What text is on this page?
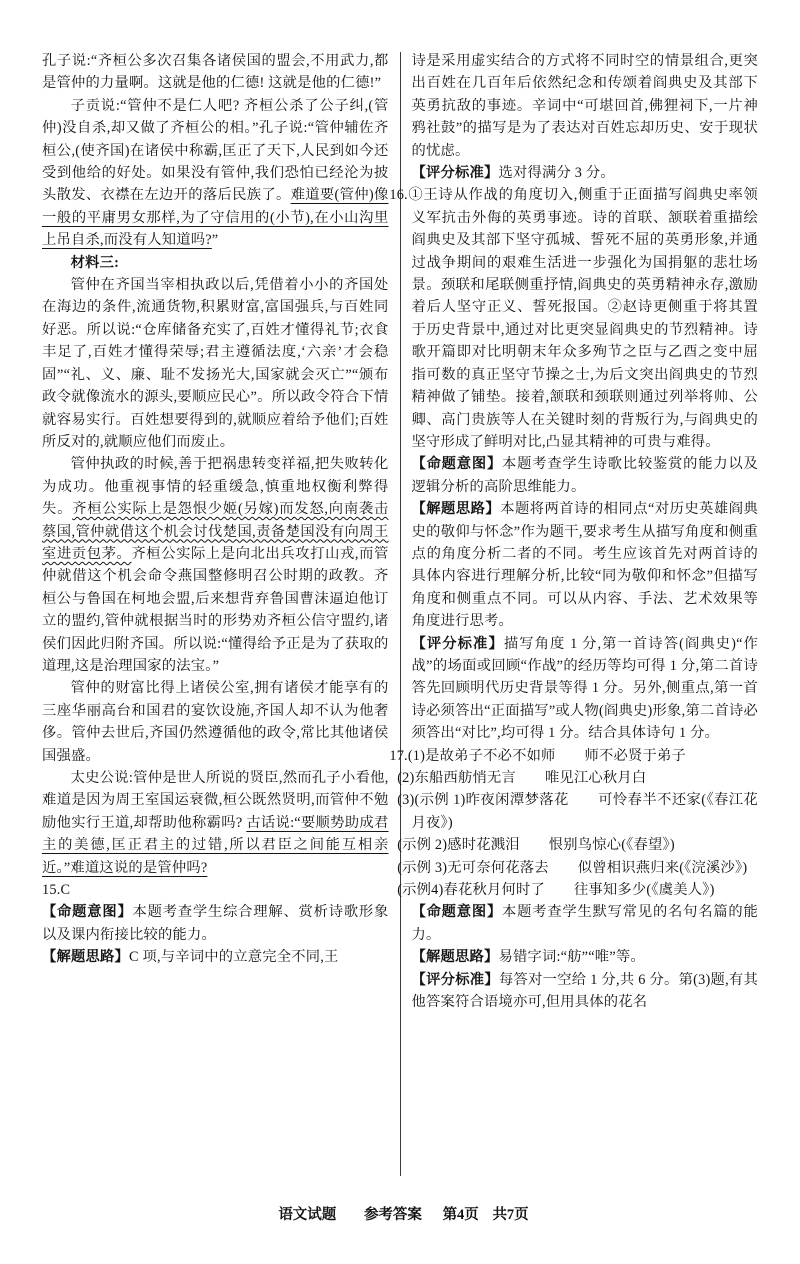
孔子说:“齐桓公多次召集各诸侯国的盟会,不用武力,都是管仲的力量啊。这就是他的仁德! 这就是他的仁德!”

子贡说:“管仲不是仁人吧? 齐桓公杀了公子纠,(管仲)没自杀,却又做了齐桓公的相。”孔子说:“管仲辅佐齐桓公,(使齐国)在诸侯中称霸,匡正了天下,人民到如今还受到他给的好处。如果没有管仲,我们恐怕已经沦为披头散发、衣襟在左边开的落后民族了。难道要(管仲)像一般的平庸男女那样,为了守信用的(小节),在小山沟里上吊自杀,而没有人知道吗?”

材料三:

管仲在齐国当宰相执政以后,凭借着小小的齐国处在海边的条件,流通货物,积累财富,富国强兵,与百姓同好恶。所以说:“仓库储备充实了,百姓才懂得礼节;衣食丰足了,百姓才懂得荣辱;君主遵循法度,‘六亲’才会稳固”“礼、义、廉、耻不发扬光大,国家就会灭亡”“颁布政令就像流水的源头,要顺应民心”。所以政令符合下情就容易实行。百姓想要得到的,就顺应着给予他们;百姓所反对的,就顺应他们而废止。

管仲执政的时候,善于把祸患转变祥福,把失败转化为成功。他重视事情的轻重缓急,慎重地权衡利弊得失。齐桓公实际上是怨恨少姬(另嫁)而发怒,向南袭击蔡国,管仲就借这个机会讨伐楚国,责备楚国没有向周王室进贡包茅。齐桓公实际上是向北出兵攻打山戎,而管仲就借这个机会命令燕国整修明召公时期的政教。齐桓公与鲁国在柯地会盟,后来想背弃鲁国曹沫逼迫他订立的盟约,管仲就根据当时的形势劝齐桓公信守盟约,诸侯们因此归附齐国。所以说:“懂得给予正是为了获取的道理,这是治理国家的法宝。”

管仲的财富比得上诸侯公室,拥有诸侯才能享有的三座华丽高台和国君的宴饮设施,齐国人却不认为他奢侈。管仲去世后,齐国仍然遵循他的政令,常比其他诸侯国强盛。

太史公说:管仲是世人所说的贤臣,然而孔子小看他,难道是因为周王室国运衰微,桓公既然贤明,而管仲不勉励他实行王道,却帮助他称霸吗? 古话说:“要顺势助成君主的美德,匡正君主的过错,所以君臣之间能互相亲近。”难道这说的是管仲吗?

15.C

【命题意图】本题考查学生综合理解、赏析诗歌形象以及课内衔接比较的能力。

【解题思路】C 项,与辛词中的立意完全不同,王

诗是采用虚实结合的方式将不同时空的情景组合,更突出百姓在几百年后依然纪念和传颂着阎典史及其部下英勇抗敌的事迹。辛词中“可堪回首,佛狸祠下,一片神鸦社鼓”的描写是为了表达对百姓忘却历史、安于现状的忧虑。

【评分标准】选对得满分 3 分。

16.①王诗从作战的角度切入,侧重于正面描写阎典史率领义军抗击外侮的英勇事迹。诗的首联、颔联着重描绘阎典史及其部下坚守孤城、誓死不屈的英勇形象,并通过战争期间的艰难生活进一步强化为国捐躯的悲壮场景。颈联和尾联侧重抒情,阎典史的英勇精神永存,激励着后人坚守正义、誓死报国。②赵诗更侧重于将其置于历史背景中,通过对比更突显阎典史的节烈精神。诗歌开篇即对比明朝末年众多殉节之臣与乙酉之变中屈指可数的真正坚守节操之士,为后文突出阎典史的节烈精神做了铺垫。接着,颔联和颈联则通过列举将帅、公卿、高门贵族等人在关键时刻的背叛行为,与阎典史的坚守形成了鲜明对比,凸显其精神的可贵与难得。

【命题意图】本题考查学生诗歌比较鉴赏的能力以及逻辑分析的高阶思维能力。

【解题思路】本题将两首诗的相同点“对历史英雄阎典史的敬仰与怀念”作为题干,要求考生从描写角度和侧重点的角度分析二者的不同。考生应该首先对两首诗的具体内容进行理解分析,比较“同为敬仰和怀念”但描写角度和侧重点不同。可以从内容、手法、艺术效果等角度进行思考。

【评分标准】描写角度 1 分,第一首诗答(阎典史)“作战”的场面或回顾“作战”的经历等均可得 1 分,第二首诗答先回顾明代历史背景等得 1 分。另外,侧重点,第一首诗必须答出“正面描写”或人物(阎典史)形象,第二首诗必须答出“对比”,均可得 1 分。结合具体诗句 1 分。

17.(1)是故弟子不必不如师　　师不必贤于弟子

(2)东船西舫悄无言　　唯见江心秋月白

(3)(示例 1)昨夜闲潭梦落花　　可怜春半不还家(《春江花月夜》)

(示例 2)感时花溅泪　　恨别鸟惊心(《春望》)

(示例 3)无可奈何花落去　　似曾相识燕归来(《浣溪沙》)

(示例4)春花秋月何时了　　往事知多少(《虞美人》)

【命题意图】本题考查学生默写常见的名句名篇的能力。

【解题思路】易错字词:“舫”“唯”等。

【评分标准】每答对一空给 1 分,共 6 分。第(3)题,有其他答案符合语境亦可,但用具体的花名

语文试题 参考答案 第4页 共7页
